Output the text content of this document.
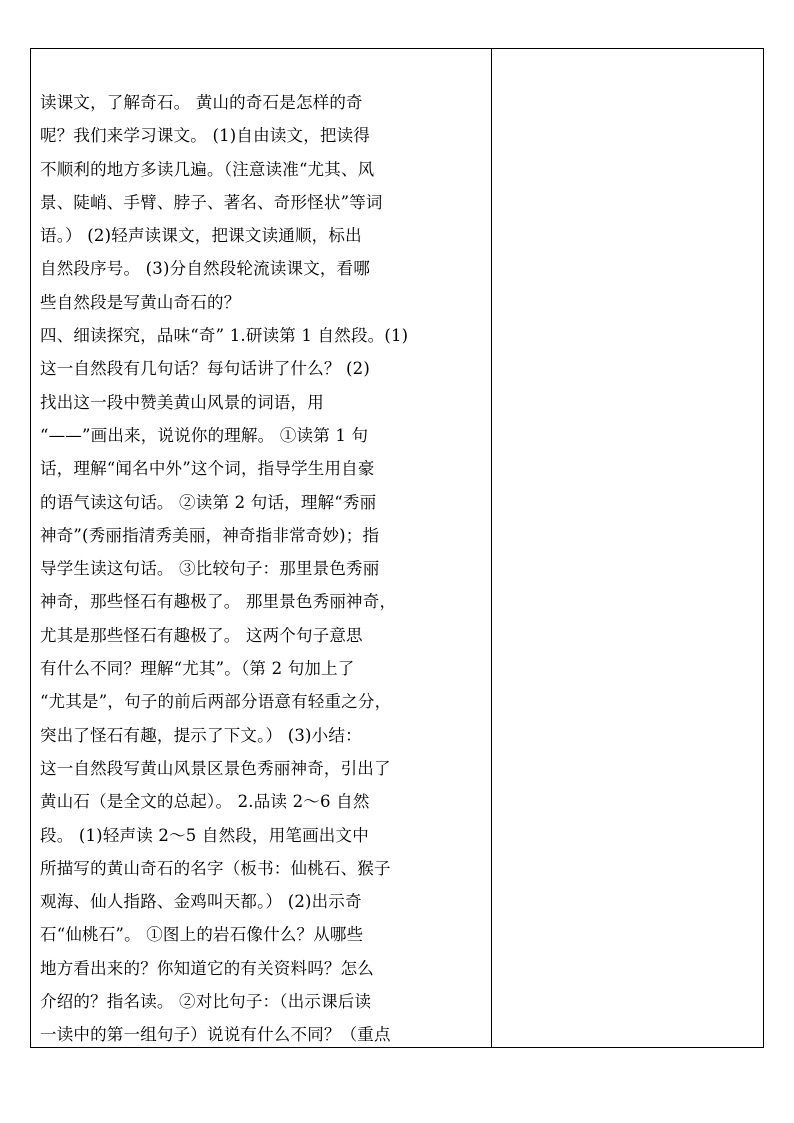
读课文，了解奇石。 黄山的奇石是怎样的奇
呢？我们来学习课文。 (1)自由读文，把读得
不顺利的地方多读几遍。（注意读准“尤其、风
景、陡峭、手臂、脖子、著名、奇形怪状”等词
语。） (2)轻声读课文，把课文读通顺，标出
自然段序号。 (3)分自然段轮流读课文，看哪
些自然段是写黄山奇石的？
四、细读探究，品味“奇” 1.研读第 1 自然段。(1)
这一自然段有几句话？每句话讲了什么？ (2)
找出这一段中赞美黄山风景的词语，用
“——”画出来，说说你的理解。 ①读第 1 句
话，理解“闻名中外”这个词，指导学生用自豪
的语气读这句话。 ②读第 2 句话，理解“秀丽
神奇”(秀丽指清秀美丽，神奇指非常奇妙)；指
导学生读这句话。 ③比较句子：那里景色秀丽
神奇，那些怪石有趣极了。 那里景色秀丽神奇，
尤其是那些怪石有趣极了。 这两个句子意思
有什么不同？理解“尤其”。（第 2 句加上了
“尤其是”，句子的前后两部分语意有轻重之分，
突出了怪石有趣，提示了下文。） (3)小结：
这一自然段写黄山风景区景色秀丽神奇，引出了
黄山石（是全文的总起）。 2.品读 2～6 自然
段。 (1)轻声读 2～5 自然段，用笔画出文中
所描写的黄山奇石的名字（板书：仙桃石、猴子
观海、仙人指路、金鸡叫天都。） (2)出示奇
石“仙桃石”。 ①图上的岩石像什么？从哪些
地方看出来的？你知道它的有关资料吗？怎么
介绍的？指名读。 ②对比句子：（出示课后读
一读中的第一组句子）说说有什么不同？（重点
